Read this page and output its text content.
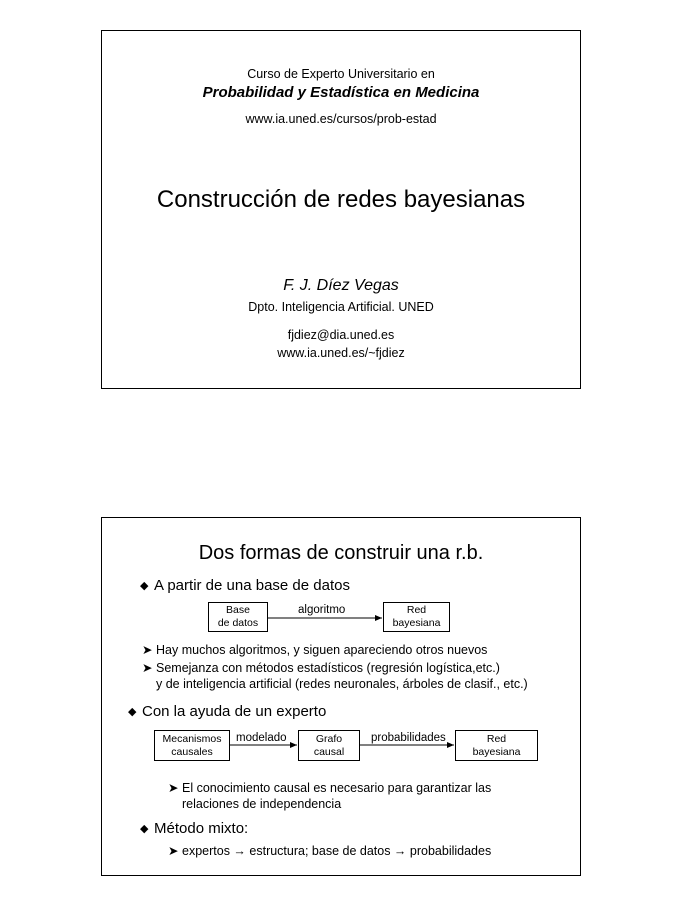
Curso de Experto Universitario en
Probabilidad y Estadística en Medicina
www.ia.uned.es/cursos/prob-estad
Construcción de redes bayesianas
F. J. Díez Vegas
Dpto. Inteligencia Artificial. UNED
fjdiez@dia.uned.es
www.ia.uned.es/~fjdiez
Dos formas de construir una r.b.
◆ A partir de una base de datos
Base
de datos
algoritmo	Red
bayesiana
➤ Hay muchos algoritmos, y siguen apareciendo otros nuevos
➤ Semejanza con métodos estadísticos (regresión logística,etc.)
y de inteligencia artificial (redes neuronales, árboles de clasif., etc.)
◆ Con la ayuda de un experto
Mecanismos
causales
modelado	Grafo
causal
probabilidades	Red
bayesiana
➤ El conocimiento causal es necesario para garantizar las
relaciones de independencia
◆ Método mixto:
➤ expertos → estructura; base de datos → probabilidades
